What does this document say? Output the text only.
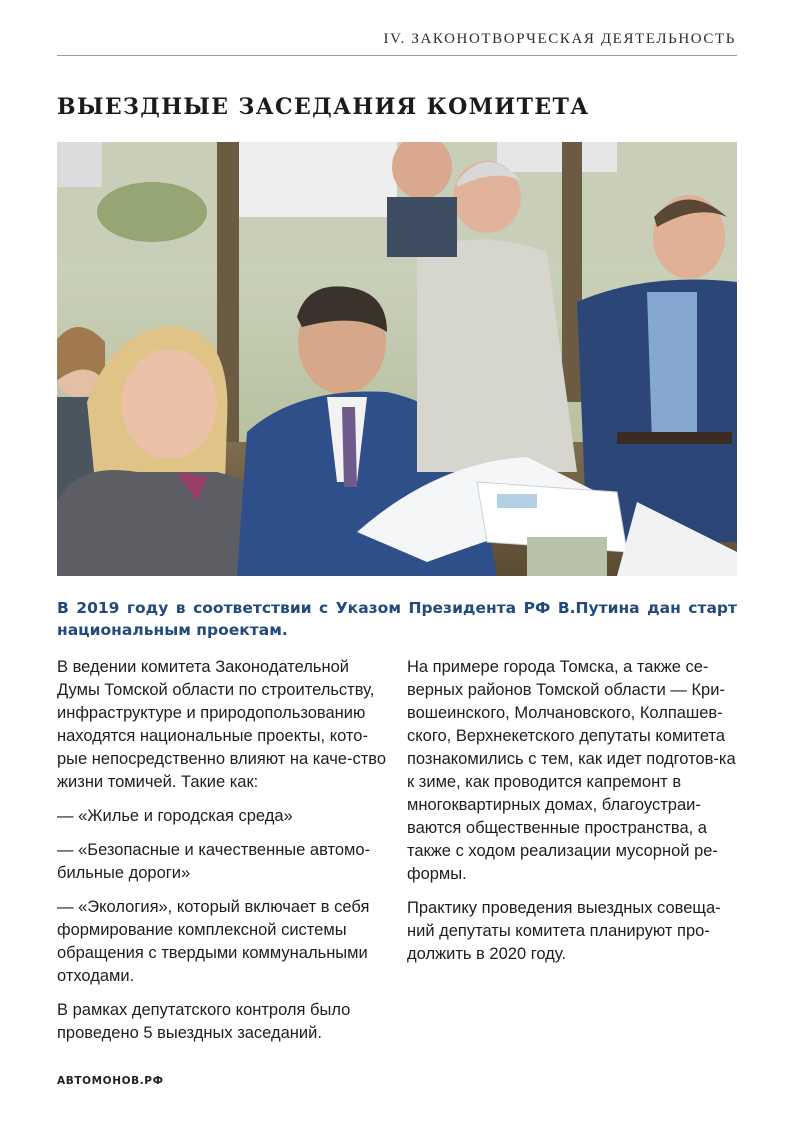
IV. ЗАКОНОТВОРЧЕСКАЯ ДЕЯТЕЛЬНОСТЬ
ВЫЕЗДНЫЕ ЗАСЕДАНИЯ КОМИТЕТА

В 2019 году в соответствии с Указом Президента РФ В.Путина дан старт национальным проектам.

В ведении комитета Законодательной Думы Томской области по строительству, инфраструктуре и природопользованию находятся национальные проекты, кото-рые непосредственно влияют на каче-ство жизни томичей. Такие как:

— «Жилье и городская среда»

— «Безопасные и качественные автомо-бильные дороги»

— «Экология», который включает в себя формирование комплексной системы обращения с твердыми коммунальными отходами.

В рамках депутатского контроля было проведено 5 выездных заседаний.

На примере города Томска, а также се-верных районов Томской области — Кри-вошеинского, Молчановского, Колпашев-ского, Верхнекетского депутаты комитета познакомились с тем, как идет подготов-ка к зиме, как проводится капремонт в многоквартирных домах, благоустраи-ваются общественные пространства, а также с ходом реализации мусорной ре-формы.

Практику проведения выездных совеща-ний депутаты комитета планируют про-должить в 2020 году.

АВТОМОНОВ.РФ
